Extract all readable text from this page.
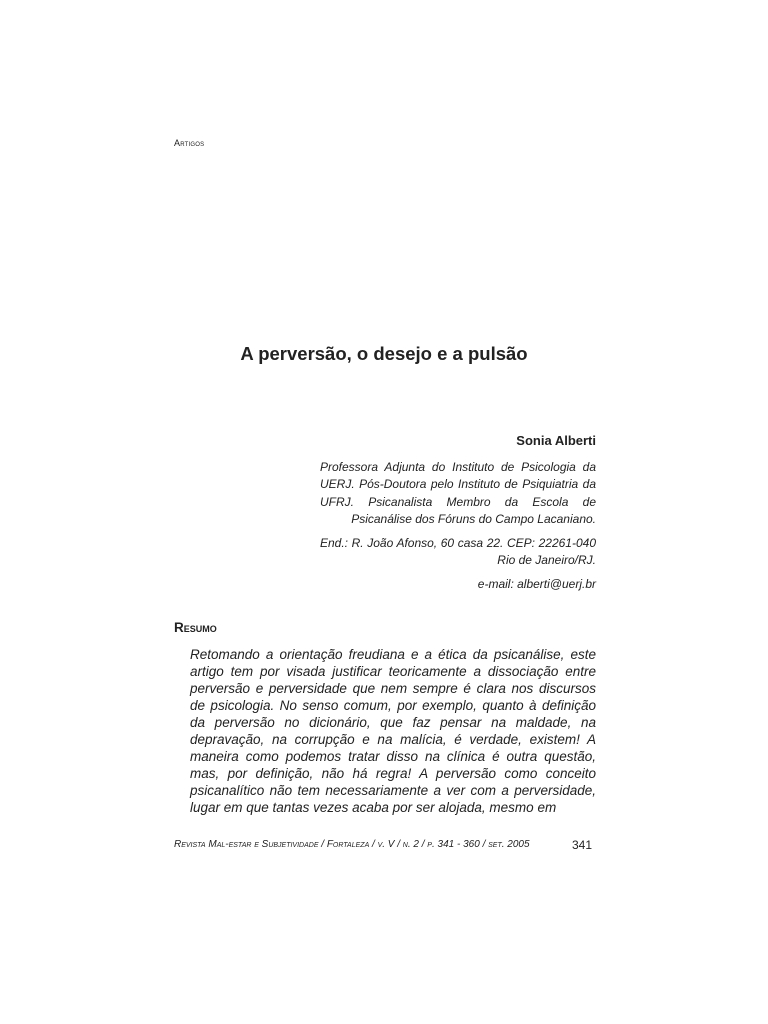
Artigos
A perversão, o desejo e a pulsão
Sonia Alberti

Professora Adjunta do Instituto de Psicologia da UERJ. Pós-Doutora pelo Instituto de Psiquiatria da UFRJ. Psicanalista Membro da Escola de Psicanálise dos Fóruns do Campo Lacaniano.

End.: R. João Afonso, 60 casa 22. CEP: 22261-040 Rio de Janeiro/RJ.

e-mail: alberti@uerj.br

Resumo

Retomando a orientação freudiana e a ética da psicanálise, este artigo tem por visada justificar teoricamente a dissociação entre perversão e perversidade que nem sempre é clara nos discursos de psicologia. No senso comum, por exemplo, quanto à definição da perversão no dicionário, que faz pensar na maldade, na depravação, na corrupção e na malícia, é verdade, existem! A maneira como podemos tratar disso na clínica é outra questão, mas, por definição, não há regra! A perversão como conceito psicanalítico não tem necessariamente a ver com a perversidade, lugar em que tantas vezes acaba por ser alojada, mesmo em

Revista Mal-estar e Subjetividade / Fortaleza / v. V / n. 2 / p. 341 - 360 / set. 2005	341
